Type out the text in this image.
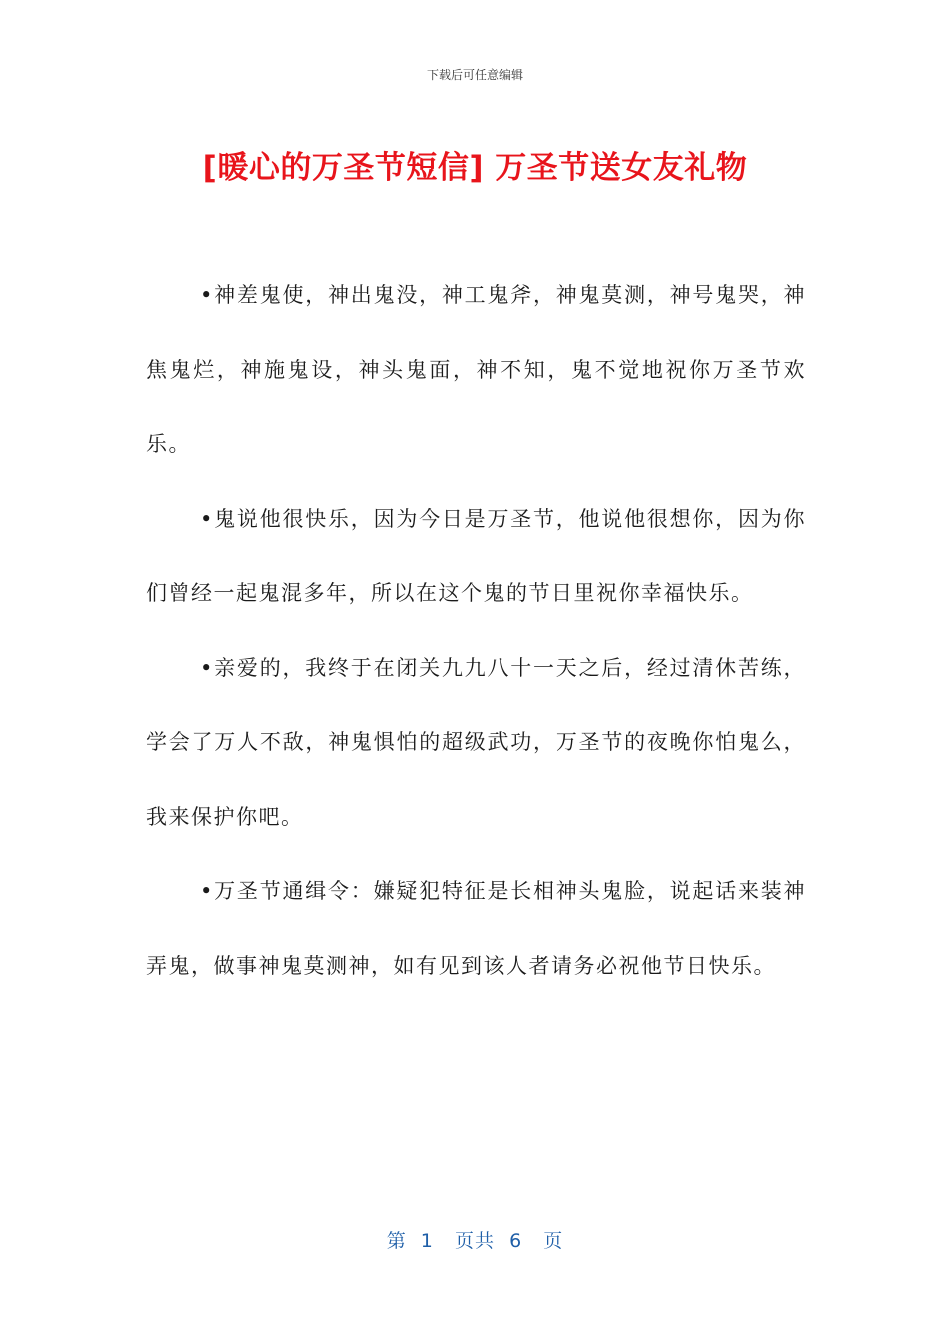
下载后可任意编辑
[暖心的万圣节短信] 万圣节送女友礼物

•神差鬼使，神出鬼没，神工鬼斧，神鬼莫测，神号鬼哭，神焦鬼烂，神施鬼设，神头鬼面，神不知，鬼不觉地祝你万圣节欢乐。

•鬼说他很快乐，因为今日是万圣节，他说他很想你，因为你们曾经一起鬼混多年，所以在这个鬼的节日里祝你幸福快乐。

•亲爱的，我终于在闭关九九八十一天之后，经过清休苦练，学会了万人不敌，神鬼惧怕的超级武功，万圣节的夜晚你怕鬼么，我来保护你吧。

•万圣节通缉令：嫌疑犯特征是长相神头鬼脸，说起话来装神弄鬼，做事神鬼莫测神，如有见到该人者请务必祝他节日快乐。

第  1   页共  6   页
